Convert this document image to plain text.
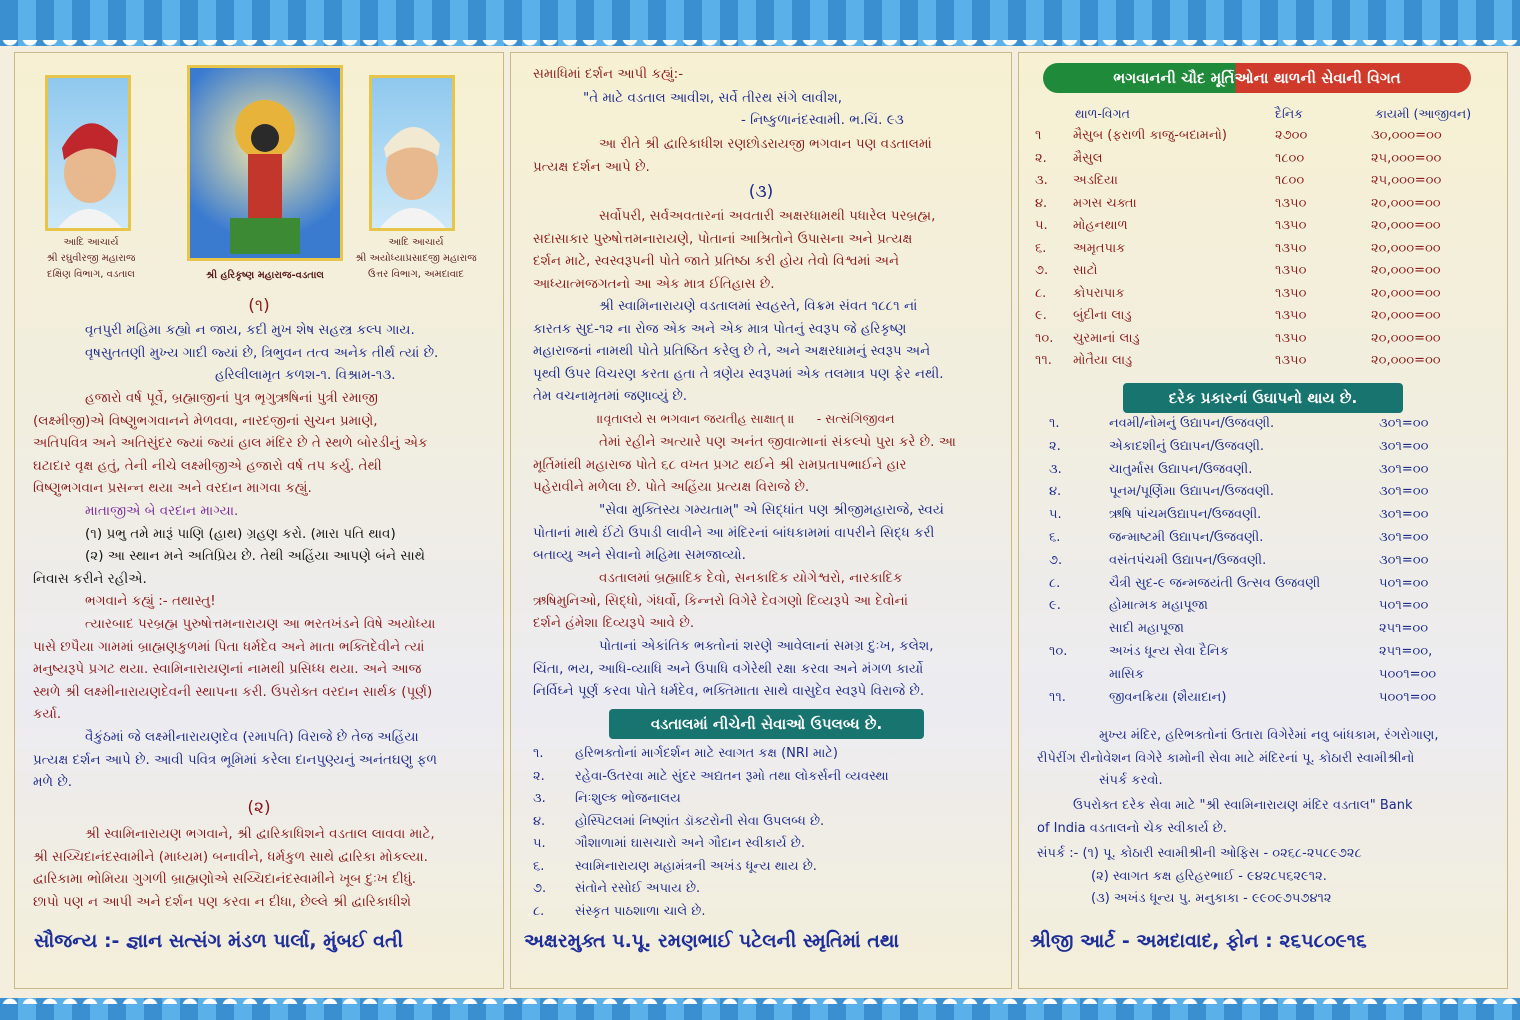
આદિ આચાર્ય
શ્રી રઘુવીરજી મહારાજ
દક્ષિણ વિભાગ, વડતાલ	શ્રી હરિકૃષ્ણ મહારાજ-વડતાલ
આદિ આચાર્ય
શ્રી અયોધ્યાપ્રસાદજી મહારાજ
ઉત્તર વિભાગ, અમદાવાદ
(૧)
વૃતપુરી મહિમા કહ્યો ન જાય, કદી મુખ શેષ સહસ્ત્ર કલ્પ ગાય.
વૃષસુતતણી મુખ્ય ગાદી જ્યાં છે, ત્રિભુવન તત્વ અનેક તીર્થ ત્યાં છે.
હરિલીલામૃત કળશ-૧. વિશ્રામ-૧૩.
હજારો વર્ષ પૂર્વે, બ્રહ્માજીનાં પુત્ર ભૃગુઋષિનાં પુત્રી રમાજી
(લક્ષ્મીજી)એ વિષ્ણુભગવાનને મેળવવા, નારદજીનાં સુચન પ્રમાણે,
અતિપવિત્ર અને અતિસુંદર જ્યાં જ્યાં હાલ મંદિર છે તે સ્થળે બોરડીનું એક
ઘટાદાર વૃક્ષ હતું, તેની નીચે લક્ષ્મીજીએ હજારો વર્ષ તપ કર્યુ. તેથી
વિષ્ણુભગવાન પ્રસન્ન થયા અને વરદાન માગવા કહ્યું.
માતાજીએ બે વરદાન માગ્યા.
(૧) પ્રભુ તમે મારૂં પાણિ (હાથ) ગ્રહણ કરો. (મારા પતિ થાવ)
(૨) આ સ્થાન મને અતિપ્રિય છે. તેથી અહિંયા આપણે બંને સાથે
નિવાસ કરીને રહીએ.
ભગવાને કહ્યું :- તથાસ્તુ!
ત્યારબાદ પરબ્રહ્મ પુરુષોત્તમનારાયણ આ ભરતખંડને વિષે અયોધ્યા
પાસે છપૈયા ગામમાં બ્રાહ્મણકુળમાં પિતા ધર્મદેવ અને માતા ભક્તિદેવીને ત્યાં
મનુષ્યરૂપે પ્રગટ થયા. સ્વામિનારાયણનાં નામથી પ્રસિધ્ધ થયા. અને આજ
સ્થળે શ્રી લક્ષ્મીનારાયણદેવની સ્થાપના કરી. ઉપરોક્ત વરદાન સાર્થક (પૂર્ણ)
કર્યા.
વૈકુંઠમાં જે લક્ષ્મીનારાયણદેવ (રમાપતિ) વિરાજે છે તેજ અહિંયા
પ્રત્યક્ષ દર્શન આપે છે. આવી પવિત્ર ભૂમિમાં કરેલા દાનપુણ્યનું અનંતઘણુ ફળ
મળે છે.
(૨)
શ્રી સ્વામિનારાયણ ભગવાને, શ્રી દ્વારિકાધિશને વડતાલ લાવવા માટે,
શ્રી સચ્ચિદાનંદસ્વામીને (માધ્યમ) બનાવીને, ધર્મકુળ સાથે દ્વારિકા મોકલ્યા.
દ્વારિકામા ભોમિયા ગુગળી બ્રાહ્મણોએ સચ્ચિદાનંદસ્વામીને ખૂબ દુઃખ દીધું.
છાપો પણ ન આપી અને દર્શન પણ કરવા ન દીધા, છેલ્લે શ્રી દ્વારિકાધીશે
સમાધિમાં દર્શન આપી કહ્યું:-
"તે માટે વડતાલ આવીશ, સર્વે તીરથ સંગે લાવીશ,
- નિષ્કુળાનંદસ્વામી. ભ.ચિં. ૯૩
આ રીતે શ્રી દ્વારિકાધીશ રણછોડરાયજી ભગવાન પણ વડતાલમાં
પ્રત્યક્ષ દર્શન આપે છે.
(૩)
સર્વોપરી, સર્વઅવતારનાં અવતારી અક્ષરધામથી પધારેલ પરબ્રહ્મ,
સદાસાકાર પુરુષોત્તમનારાયણે, પોતાનાં આશ્રિતોને ઉપાસના અને પ્રત્યક્ષ
દર્શન માટે, સ્વસ્વરૂપની પોતે જાતે પ્રતિષ્ઠા કરી હોય તેવો વિશ્વમાં અને
આધ્યાત્મજગતનો આ એક માત્ર ઈતિહાસ છે.
શ્રી સ્વામિનારાયણે વડતાલમાં સ્વહસ્તે, વિક્રમ સંવત ૧૮૮૧ નાં
કારતક સુદ-૧૨ ના રોજ એક અને એક માત્ર પોતનું સ્વરૂપ જે હરિકૃષ્ણ
મહારાજનાં નામથી પોતે પ્રતિષ્ઠિત કરેલુ છે તે, અને અક્ષરધામનું સ્વરૂપ અને
પૃથ્વી ઉપર વિચરણ કરતા હતા તે ત્રણેય સ્વરૂપમાં એક તલમાત્ર પણ ફેર નથી.
તેમ વચનામૃતમાં જણાવ્યું છે.
॥વૃતાલયે સ ભગવાન જયતીહ સાક્ષાત્ ॥ - સત્સંગિજીવન
તેમાં રહીને અત્યારે પણ અનંત જીવાત્માનાં સંકલ્પો પુરા કરે છે. આ
મૂર્તિમાંથી મહારાજ પોતે ૬૮ વખત પ્રગટ થઈને શ્રી રામપ્રતાપભાઈને હાર
પહેરાવીને મળેલા છે. પોતે અહિંયા પ્રત્યક્ષ વિરાજે છે.
"સેવા મુક્તિસ્ય ગમ્યતામ્" એ સિદ્ધાંત પણ શ્રીજીમહારાજે, સ્વયં
પોતાનાં માથે ઈંટો ઉપાડી લાવીને આ મંદિરનાં બાંધકામમાં વાપરીને સિદ્ધ કરી
બતાવ્યુ અને સેવાનો મહિમા સમજાવ્યો.
વડતાલમાં બ્રહ્માદિક દેવો, સનકાદિક યોગેશ્વરો, નારકાદિક
ઋષિમુનિઓ, સિદ્ધો, ગંધર્વો, કિન્નરો વિગેરે દેવગણો દિવ્યરૂપે આ દેવોનાં
દર્શને હંમેશા દિવ્યરૂપે આવે છે.
પોતાનાં એકાંતિક ભક્તોનાં શરણે આવેલાનાં સમગ્ર દુઃખ, કલેશ,
ચિંતા, ભય, આધિ-વ્યાધિ અને ઉપાધિ વગેરેથી રક્ષા કરવા અને મંગળ કાર્યો
નિર્વિઘ્ને પૂર્ણ કરવા પોતે ધર્મદેવ, ભક્તિમાતા સાથે વાસુદેવ સ્વરૂપે વિરાજે છે.
વડતાલમાં નીચેની સેવાઓ ઉપલબ્ધ છે.
૧. હરિભક્તોનાં માર્ગદર્શન માટે સ્વાગત કક્ષ (NRI માટે)
૨. રહેવા-ઉતરવા માટે સુંદર અદ્યતન રૂમો તથા લોકર્સની વ્યવસ્થા
૩. નિઃશુલ્ક ભોજનાલય
૪. હોસ્પિટલમાં નિષ્ણાંત ડૉક્ટરોની સેવા ઉપલબ્ધ છે.
૫. ગૌશાળામાં ઘાસચારો અને ગૌદાન સ્વીકાર્ય છે.
૬. સ્વામિનારાયણ મહામંત્રની અખંડ ધૂન્ય થાય છે.
૭. સંતોને રસોઈ અપાય છે.
૮. સંસ્કૃત પાઠશાળા ચાલે છે.
ભગવાનની ચૌદ મૂર્તિઓના થાળની સેવાની વિગત
થાળ-વિગત	દૈનિક	કાયમી (આજીવન)
૧ મૈસુબ (ફરાળી કાજુ-બદામનો)	૨૭૦૦	૩૦,૦૦૦=૦૦
૨. મૈસુલ	૧૮૦૦	૨૫,૦૦૦=૦૦
૩. અડદિયા	૧૮૦૦	૨૫,૦૦૦=૦૦
૪. મગસ ચક્તા	૧૩૫૦	૨૦,૦૦૦=૦૦
૫. મોહનથાળ	૧૩૫૦	૨૦,૦૦૦=૦૦
૬. અમૃતપાક	૧૩૫૦	૨૦,૦૦૦=૦૦
૭. સાટો	૧૩૫૦	૨૦,૦૦૦=૦૦
૮. કોપરાપાક	૧૩૫૦	૨૦,૦૦૦=૦૦
૯. બુંદીના લાડુ	૧૩૫૦	૨૦,૦૦૦=૦૦
૧૦. ચુરમાનાં લાડુ	૧૩૫૦	૨૦,૦૦૦=૦૦
૧૧. મોતૈયા લાડુ	૧૩૫૦	૨૦,૦૦૦=૦૦
દરેક પ્રકારનાં ઉઘાપનો થાય છે.
૧.	નવમી/નોમનું ઉદ્યાપન/ઉજવણી.	૩૦૧=૦૦
૨.	એકાદશીનું ઉદ્યાપન/ઉજવણી.	૩૦૧=૦૦
૩.	ચાતુર્માસ ઉદ્યાપન/ઉજવણી.	૩૦૧=૦૦
૪.	પૂનમ/પૂર્ણિમા ઉદ્યાપન/ઉજવણી.	૩૦૧=૦૦
૫.	ઋષિ પાંચમઉદ્યાપન/ઉજવણી.	૩૦૧=૦૦
૬.	જન્માષ્ટમી ઉદ્યાપન/ઉજવણી.	૩૦૧=૦૦
૭.	વસંતપંચમી ઉદ્યાપન/ઉજવણી.	૩૦૧=૦૦
૮.	ચૈત્રી સુદ-૯ જન્મજયંતી ઉત્સવ ઉજવણી	૫૦૧=૦૦
૯.	હોમાત્મક મહાપૂજા	૫૦૧=૦૦
સાદી મહાપૂજા	૨૫૧=૦૦
૧૦.	અખંડ ધૂન્ય સેવા દૈનિક	૨૫૧=૦૦,
માસિક	૫૦૦૧=૦૦
૧૧.	જીવનક્રિયા (શૈયાદાન)	૫૦૦૧=૦૦
મુખ્ય મંદિર, હરિભક્તોનાં ઉતારા વિગેરેમાં નવુ બાંધકામ, રંગરોગાણ,
રીપેરીંગ રીનોવેશન વિગેરે કામોની સેવા માટે મંદિરનાં પૂ. કોઠારી સ્વામીશ્રીનો
સંપર્ક કરવો.
ઉપરોક્ત દરેક સેવા માટે "શ્રી સ્વામિનારાયણ મંદિર વડતાલ" Bank
of India વડતાલનો ચેક સ્વીકાર્ય છે.
સંપર્ક :- (૧) પૂ. કોઠારી સ્વામીશ્રીની ઓફિસ - ૦૨૬૮-૨૫૮૯૭૨૮
(૨) સ્વાગત કક્ષ હરિહરભાઈ - ૯૪૨૮૫૬૨૯૧૨.
(૩) અખંડ ધૂન્ય પુ. મનુકાકા - ૯૯૦૯૭૫૭૪૧૨
સૌજન્ય :- જ્ઞાન સત્સંગ મંડળ પાર્લા, મુંબઈ વતી	અક્ષરમુક્ત પ.પૂ. રમણભાઈ પટેલની સ્મૃતિમાં તથા	શ્રીજી આર્ટ - અમદાવાદ, ફોન : ૨૬૫૮૦૯૧૬
